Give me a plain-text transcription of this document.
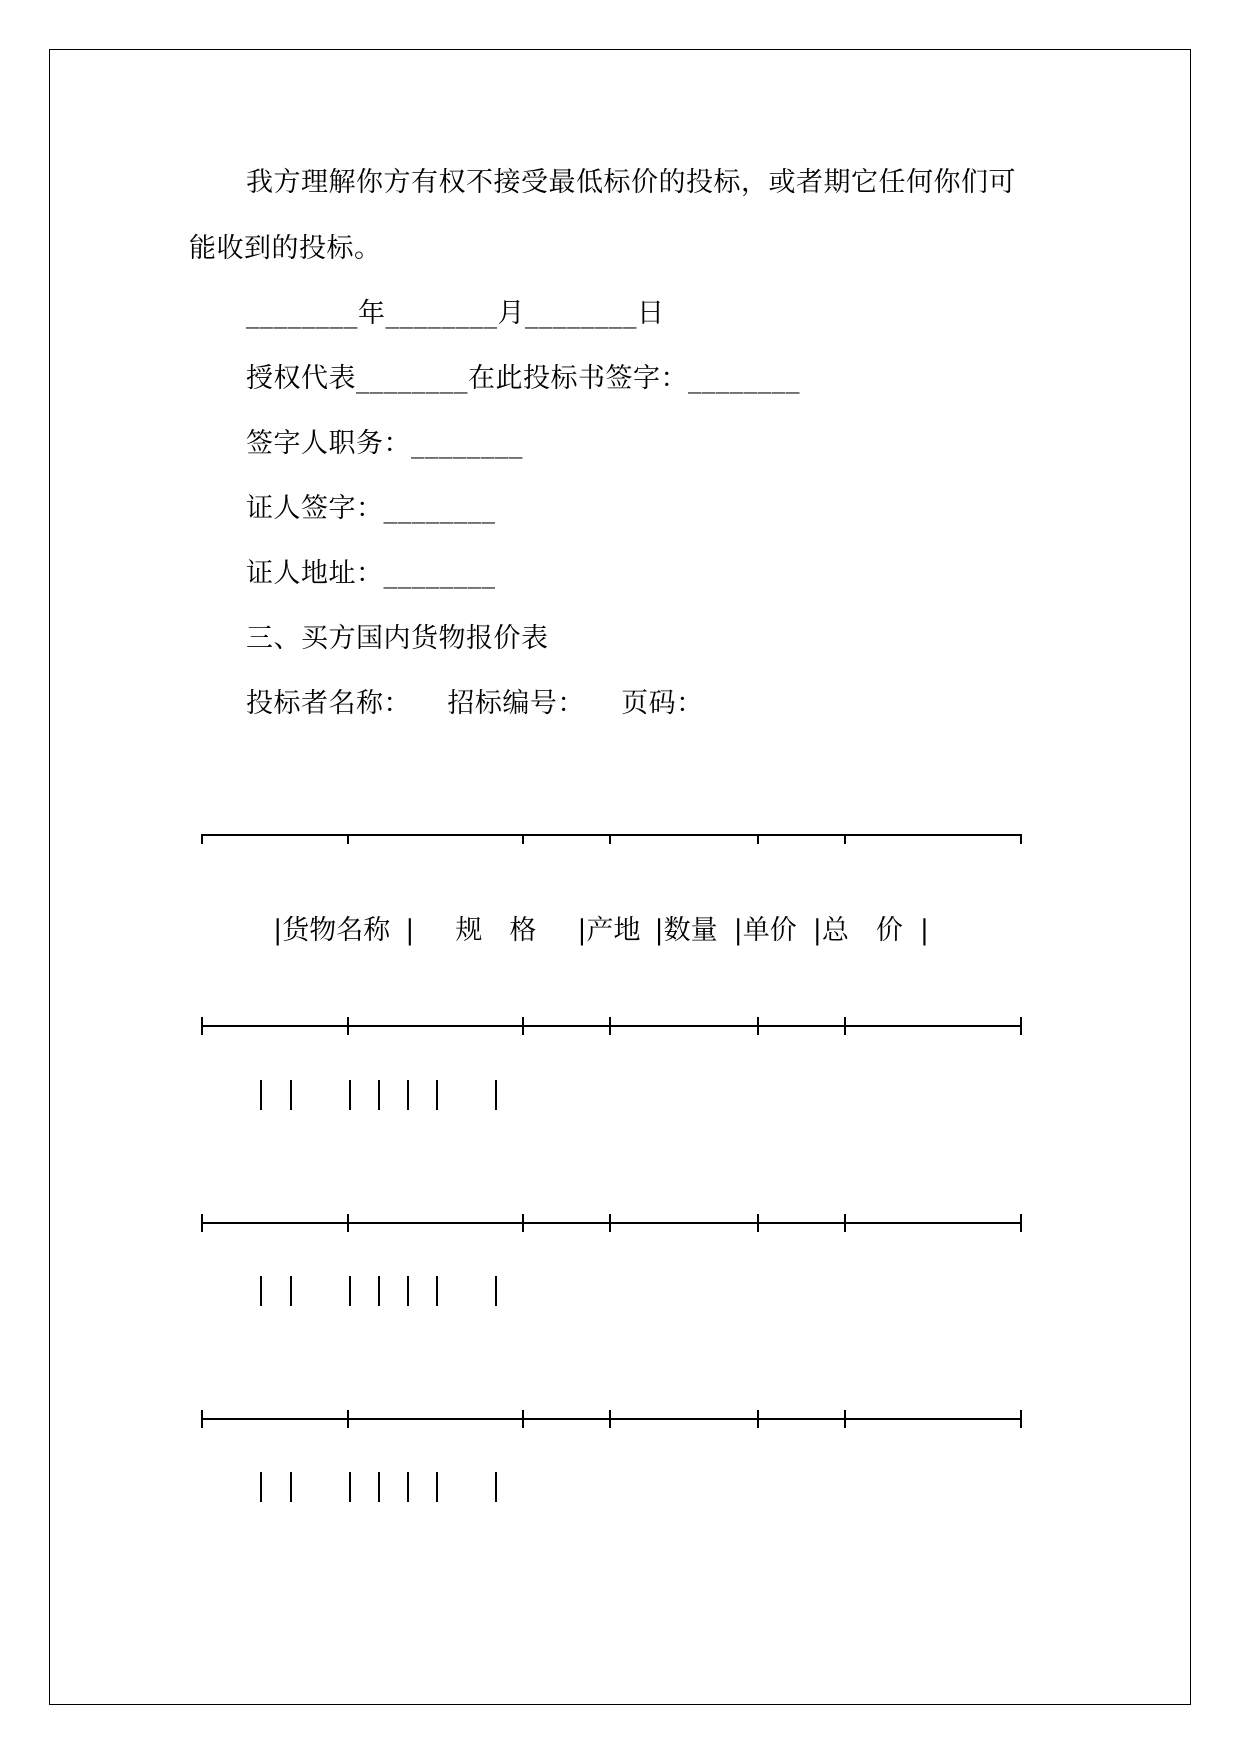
我方理解你方有权不接受最低标价的投标，或者期它任何你们可
能收到的投标。
________年________月________日
授权代表________在此投标书签字：________
签字人职务：________
证人签字：________
证人地址：________
三、买方国内货物报价表
投标者名称：    招标编号：    页码：

|货物名称 | 规　格 |产地 |数量 |单价 |总　价 |
